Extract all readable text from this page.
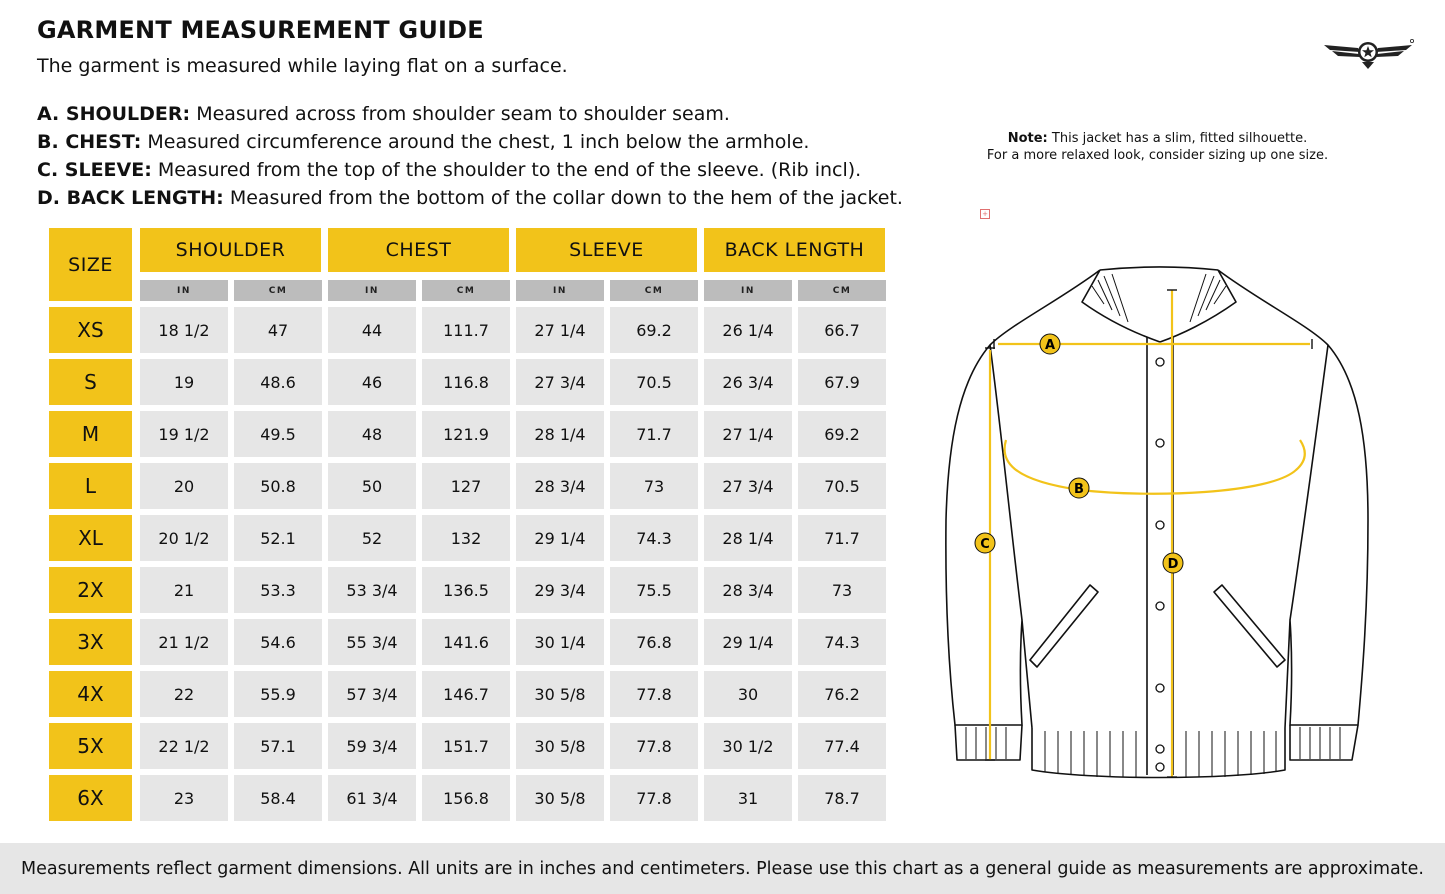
GARMENT MEASUREMENT GUIDE
The garment is measured while laying flat on a surface.
A. SHOULDER: Measured across from shoulder seam to shoulder seam.
B. CHEST: Measured circumference around the chest, 1 inch below the armhole.
C. SLEEVE: Measured from the top of the shoulder to the end of the sleeve. (Rib incl).
D. BACK LENGTH: Measured from the bottom of the collar down to the hem of the jacket.
Note: This jacket has a slim, fitted silhouette.
For a more relaxed look, consider sizing up one size.
+
SIZE
SHOULDER	CHEST	SLEEVE	BACK LENGTH
IN	CM	IN	CM	IN	CM	IN	CM
XS	18 1/2	47	44	111.7	27 1/4	69.2	26 1/4	66.7
S	19	48.6	46	116.8	27 3/4	70.5	26 3/4	67.9
M	19 1/2	49.5	48	121.9	28 1/4	71.7	27 1/4	69.2
L	20	50.8	50	127	28 3/4	73	27 3/4	70.5
XL	20 1/2	52.1	52	132	29 1/4	74.3	28 1/4	71.7
2X	21	53.3	53 3/4	136.5	29 3/4	75.5	28 3/4	73
3X	21 1/2	54.6	55 3/4	141.6	30 1/4	76.8	29 1/4	74.3
4X	22	55.9	57 3/4	146.7	30 5/8	77.8	30	76.2
5X	22 1/2	57.1	59 3/4	151.7	30 5/8	77.8	30 1/2	77.4
6X	23	58.4	61 3/4	156.8	30 5/8	77.8	31	78.7
A
B
C
D
Measurements reflect garment dimensions. All units are in inches and centimeters. Please use this chart as a general guide as measurements are approximate.
